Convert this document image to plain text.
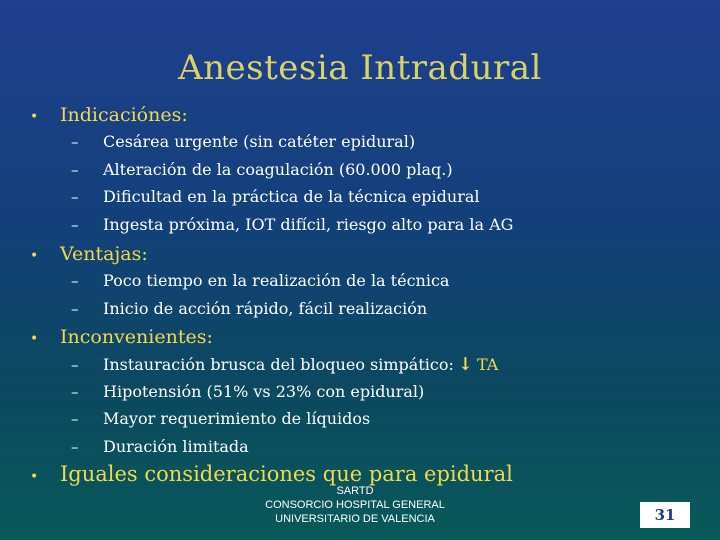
Anestesia Intradural
•	Indicaciónes:
–	Cesárea urgente (sin catéter epidural)
–	Alteración de la coagulación (60.000 plaq.)
–	Dificultad en la práctica de la técnica epidural
–	Ingesta próxima, IOT difícil, riesgo alto para la AG
•	Ventajas:
–	Poco tiempo en la realización de la técnica
–	Inicio de acción rápido, fácil realización
•	Inconvenientes:
–	Instauración brusca del bloqueo simpático: ↓ TA
–	Hipotensión (51% vs 23% con epidural)
–	Mayor requerimiento de líquidos
–	Duración limitada
•	Iguales consideraciones que para epidural
SARTD
CONSORCIO HOSPITAL GENERAL
UNIVERSITARIO DE VALENCIA	31
